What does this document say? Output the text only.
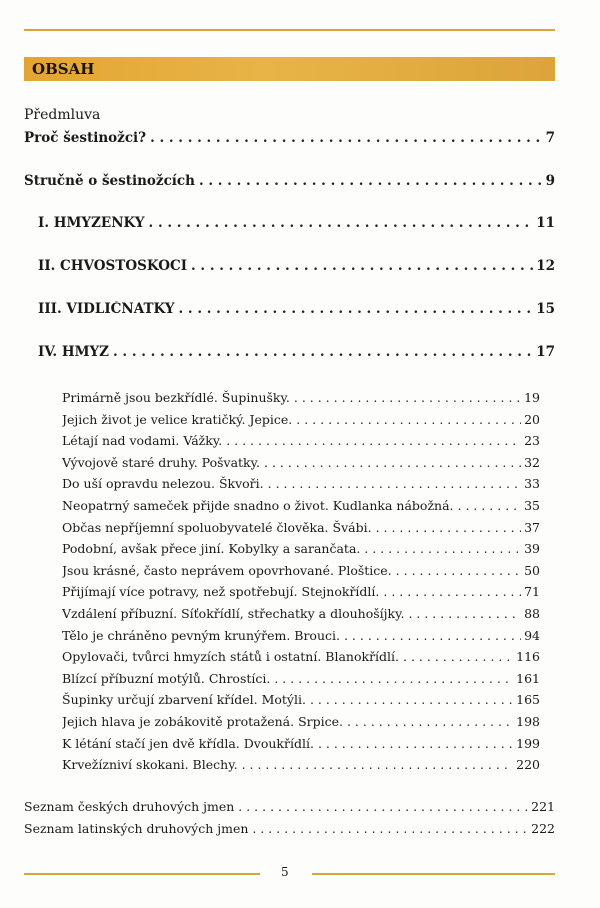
OBSAH
Předmluva
Proč šestinožci? . . .	7
Stručně o šestinožcích . . .	9
I. HMYZENKY . . .	11
II. CHVOSTOSKOCI . . .	12
III. VIDLIČNATKY . . .	15
IV. HMYZ . . .	17
Primárně jsou bezkřídlé. Šupinušky. . . .	19
Jejich život je velice kratičký. Jepice. . . .	20
Létají nad vodami. Vážky. . . .	23
Vývojově staré druhy. Pošvatky. . . .	32
Do uší opravdu nelezou. Škvoři. . . .	33
Neopatrný sameček přijde snadno o život. Kudlanka nábožná. . . .	35
Občas nepříjemní spoluobyvatelé člověka. Švábi. . . .	37
Podobní, avšak přece jiní. Kobylky a sarančata. . . .	39
Jsou krásné, často neprávem opovrhované. Ploštice. . . .	50
Přijímají více potravy, než spotřebují. Stejnokřídlí. . . .	71
Vzdálení příbuzní. Síťokřídlí, střechatky a dlouhošíjky. . . .	88
Tělo je chráněno pevným krunýřem. Brouci. . . .	94
Opylovači, tvůrci hmyzích států i ostatní. Blanokřídlí. . . .	116
Blízcí příbuzní motýlů. Chrostíci. . . .	161
Šupinky určují zbarvení křídel. Motýli. . . .	165
Jejich hlava je zobákovitě protažená. Srpice. . . .	198
K létání stačí jen dvě křídla. Dvoukřídlí. . . .	199
Krvežízniví skokani. Blechy. . . .	220
Seznam českých druhových jmen . . .	221
Seznam latinských druhových jmen . . .	222
5
